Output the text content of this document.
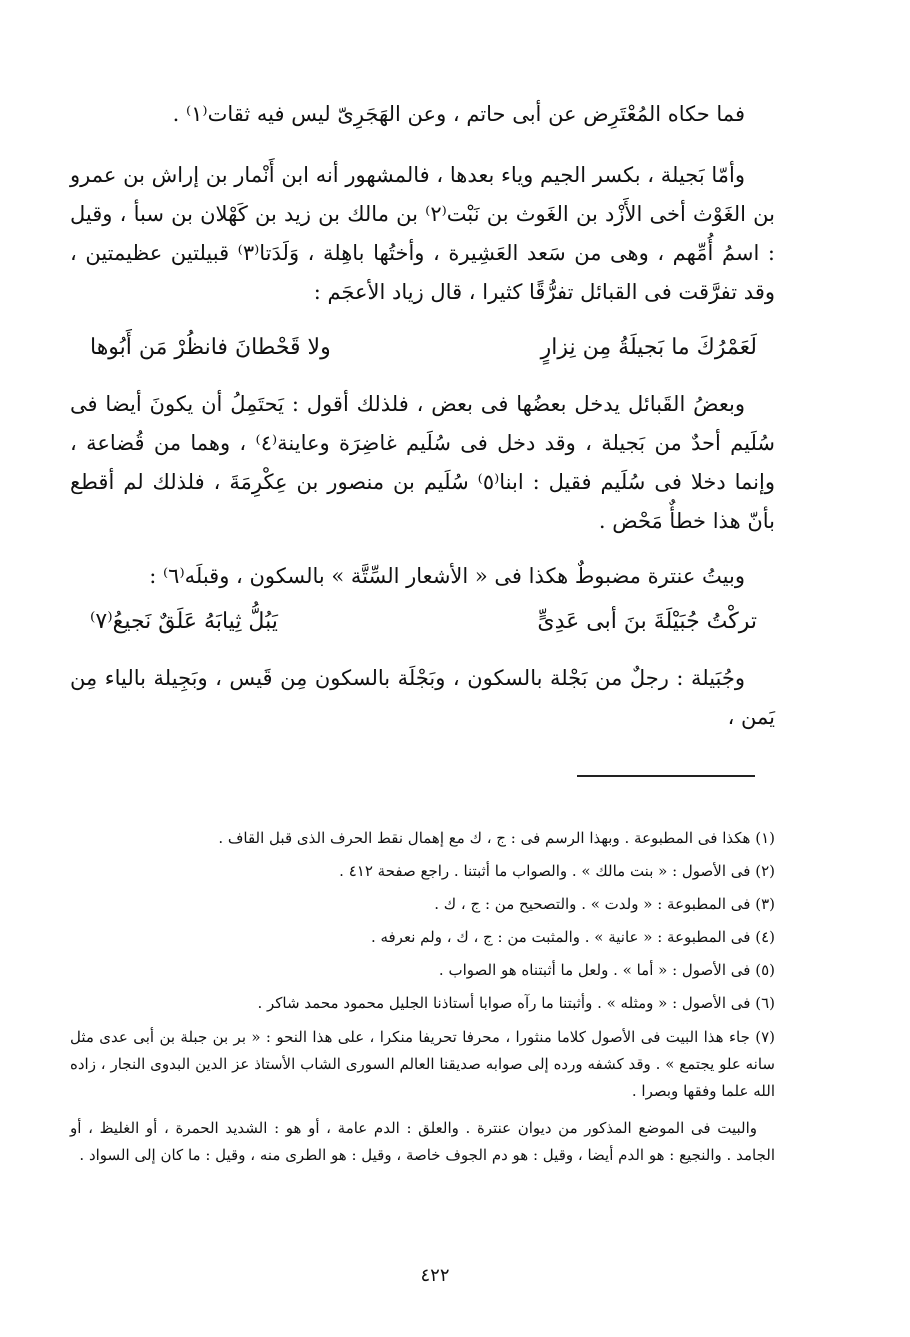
فما حكاه المُعْتَرِض عن أبى حاتم ، وعن الهَجَرِىّ ليس فيه ثقات⁽١⁾ .

وأمّا بَجيلة ، بكسر الجيم وياء بعدها ، فالمشهور أنه ابن أَنْمار بن إراش بن عمرو بن الغَوْث أخى الأَزْد بن الغَوث بن نَبْت⁽٢⁾ بن مالك بن زيد بن كَهْلان بن سبأ ، وقيل : اسمُ أُمِّهم ، وهى من سَعد العَشِيرة ، وأختُها باهِلة ، وَلَدَتا⁽٣⁾ قبيلتين عظيمتين ، وقد تفرَّقت فى القبائل تفرُّقًا كثيرا ، قال زياد الأعجَم :

لَعَمْرُكَ ما بَجيلَةُ مِن نِزارٍ
ولا قَحْطانَ فانظُرْ مَن أَبُوها

وبعضُ القَبائل يدخل بعضُها فى بعض ، فلذلك أقول : يَحتَمِلُ أن يكونَ أيضا فى سُلَيم أحدٌ من بَجيلة ، وقد دخل فى سُلَيم غاضِرَة وعاينة⁽٤⁾ ، وهما من قُضاعة ، وإنما دخلا فى سُلَيم فقيل : ابنا⁽٥⁾ سُلَيم بن منصور بن عِكْرِمَةَ ، فلذلك لم أقطع بأنّ هذا خطأٌ مَحْض .

وبيتُ عنترة مضبوطٌ هكذا فى « الأشعار السِّتَّة » بالسكون ، وقبلَه⁽٦⁾ :

تركْتُ جُبَيْلَةَ بنَ أبى عَدِىٍّ
يَبُلُّ ثِيابَهُ عَلَقٌ نَجيعُ⁽٧⁾

وجُبَيلة : رجلٌ من بَجْلة بالسكون ، وبَجْلَة بالسكون مِن قَيس ، وبَجِيلة بالياء مِن يَمن ،

(١) هكذا فى المطبوعة . وبهذا الرسم فى : ج ، ك مع إهمال نقط الحرف الذى قبل القاف .

(٢) فى الأصول : « بنت مالك » . والصواب ما أثبتنا . راجع صفحة ٤١٢ .

(٣) فى المطبوعة : « ولدت » . والتصحيح من : ج ، ك .

(٤) فى المطبوعة : « عانية » . والمثبت من : ج ، ك ، ولم نعرفه .

(٥) فى الأصول : « أما » . ولعل ما أثبتناه هو الصواب .

(٦) فى الأصول : « ومثله » . وأثبتنا ما رآه صوابا أستاذنا الجليل محمود محمد شاكر .

(٧) جاء هذا البيت فى الأصول كلاما منثورا ، محرفا تحريفا منكرا ، على هذا النحو : « بر بن جبلة بن أبى عدى مثل سانه علو يجتمع » . وقد كشفه ورده إلى صوابه صديقنا العالم السورى الشاب الأستاذ عز الدين البدوى النجار ، زاده الله علما وفقها وبصرا .

والبيت فى الموضع المذكور من ديوان عنترة . والعلق : الدم عامة ، أو هو : الشديد الحمرة ، أو الغليظ ، أو الجامد . والنجيع : هو الدم أيضا ، وقيل : هو دم الجوف خاصة ، وقيل : هو الطرى منه ، وقيل : ما كان إلى السواد .

٤٢٢
